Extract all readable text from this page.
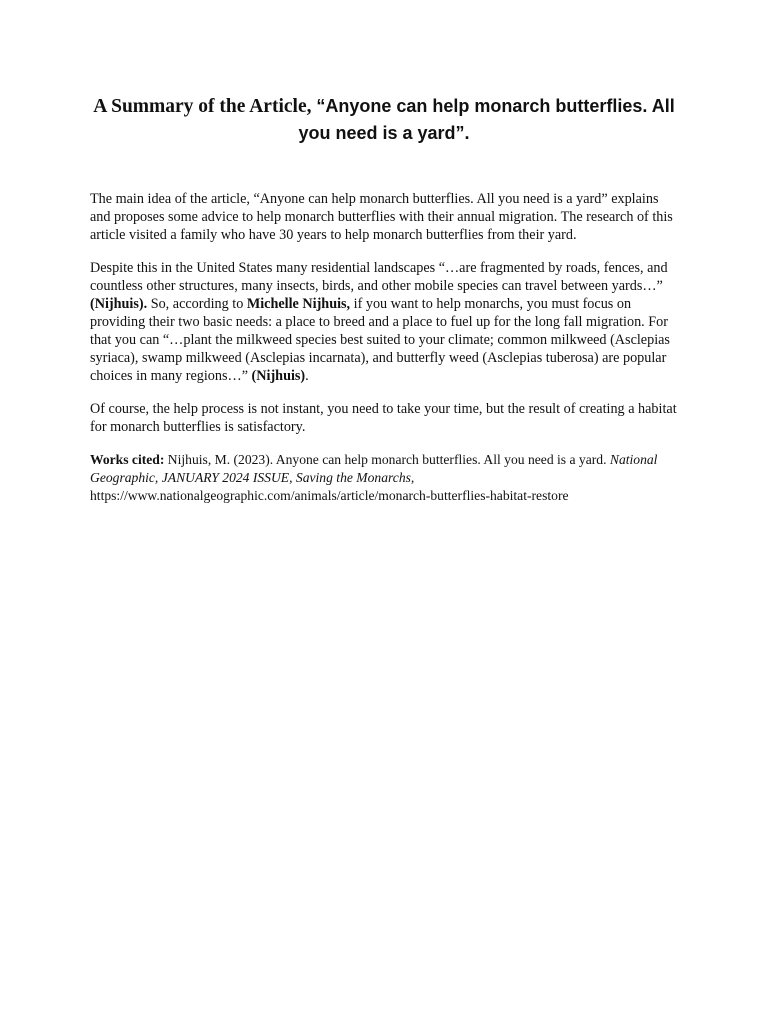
A Summary of the Article, “Anyone can help monarch butterflies. All you need is a yard”.

The main idea of the article, “Anyone can help monarch butterflies. All you need is a yard” explains and proposes some advice to help monarch butterflies with their annual migration. The research of this article visited a family who have 30 years to help monarch butterflies from their yard.

Despite this in the United States many residential landscapes “…are fragmented by roads, fences, and countless other structures, many insects, birds, and other mobile species can travel between yards…” (Nijhuis). So, according to Michelle Nijhuis, if you want to help monarchs, you must focus on providing their two basic needs: a place to breed and a place to fuel up for the long fall migration. For that you can “…plant the milkweed species best suited to your climate; common milkweed (Asclepias syriaca), swamp milkweed (Asclepias incarnata), and butterfly weed (Asclepias tuberosa) are popular choices in many regions…” (Nijhuis).

Of course, the help process is not instant, you need to take your time, but the result of creating a habitat for monarch butterflies is satisfactory.

Works cited: Nijhuis, M. (2023). Anyone can help monarch butterflies. All you need is a yard. National Geographic, JANUARY 2024 ISSUE, Saving the Monarchs,
https://www.nationalgeographic.com/animals/article/monarch-butterflies-habitat-restore
